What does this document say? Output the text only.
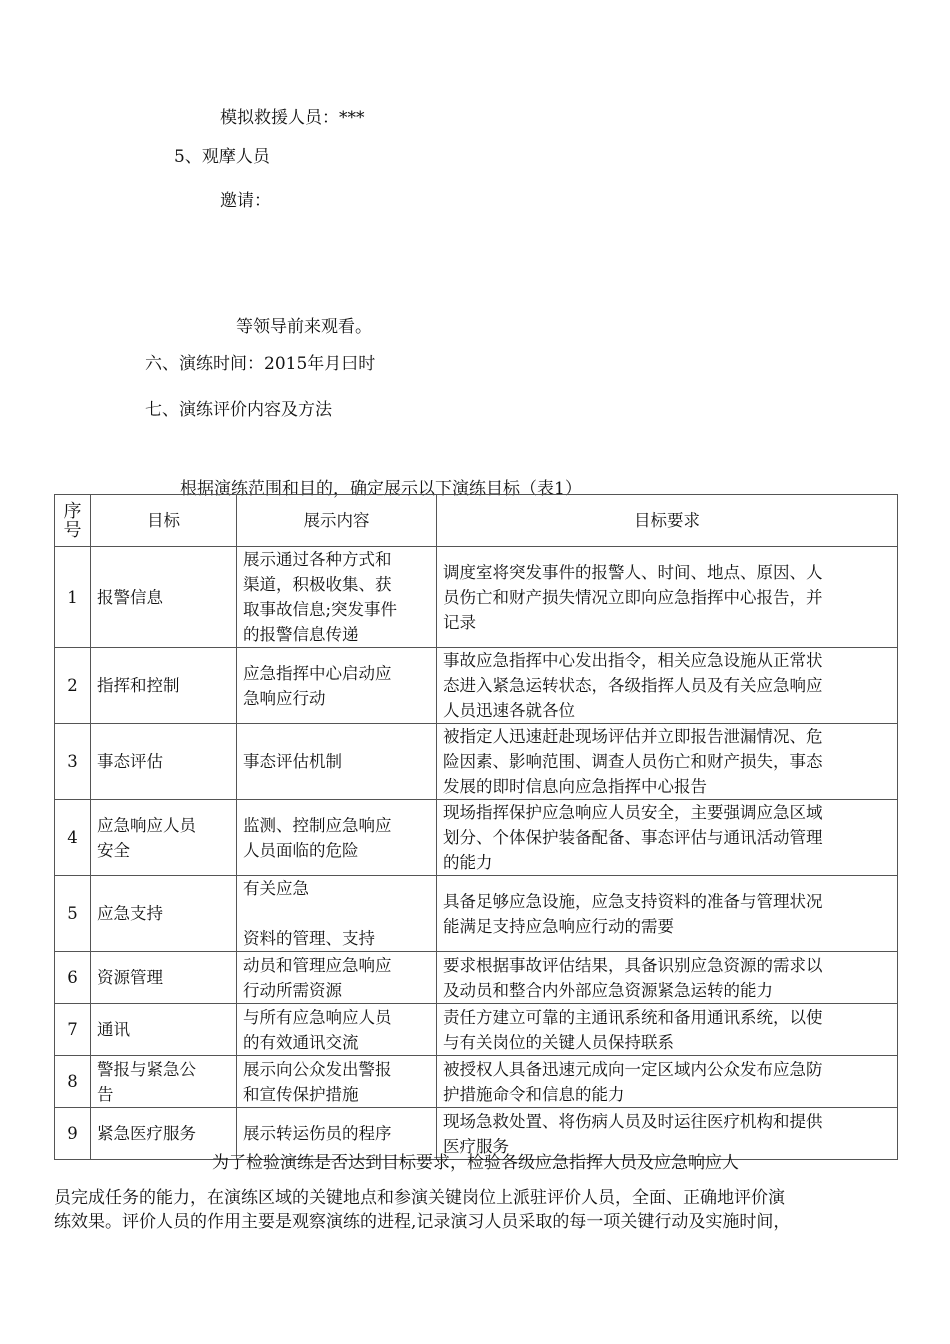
模拟救援人员：***
5、观摩人员
邀请：
等领导前来观看。
六、演练时间：2015年月曰时
七、演练评价内容及方法
根据演练范围和目的，确定展示以下演练目标（表1）
序号	目标	展示内容	目标要求
1	报警信息	展示通过各种方式和
渠道，积极收集、获
取事故信息;突发事件
的报警信息传递	调度室将突发事件的报警人、时间、地点、原因、人
员伤亡和财产损失情况立即向应急指挥中心报告，并
记录

2	指挥和控制	应急指挥中心启动应
急响应行动	事故应急指挥中心发出指令，相关应急设施从正常状
态进入紧急运转状态，各级指挥人员及有关应急响应
人员迅速各就各位

3	事态评估	事态评估机制	被指定人迅速赶赴现场评估并立即报告泄漏情况、危
险因素、影响范围、调查人员伤亡和财产损失，事态
发展的即时信息向应急指挥中心报告

4	应急响应人员
安全	监测、控制应急响应
人员面临的危险	现场指挥保护应急响应人员安全，主要强调应急区域
划分、个体保护装备配备、事态评估与通讯活动管理
的能力

5	应急支持	有关应急

资料的管理、支持	具备足够应急设施，应急支持资料的准备与管理状况
能满足支持应急响应行动的需要

6	资源管理	动员和管理应急响应
行动所需资源	要求根据事故评估结果，具备识别应急资源的需求以
及动员和整合内外部应急资源紧急运转的能力

7	通讯	与所有应急响应人员
的有效通讯交流	责任方建立可靠的主通讯系统和备用通讯系统，以使
与有关岗位的关键人员保持联系

8	警报与紧急公
告	展示向公众发出警报
和宣传保护措施	被授权人具备迅速元成向一定区域内公众发布应急防
护措施命令和信息的能力

9	紧急医疗服务	展示转运伤员的程序	现场急救处置、将伤病人员及时运往医疗机构和提供
医疗服务
为了检验演练是否达到目标要求，检验各级应急指挥人员及应急响应人
员完成任务的能力，在演练区域的关键地点和参演关键岗位上派驻评价人员，全面、正确地评价演
练效果。评价人员的作用主要是观察演练的进程,记录演习人员采取的每一项关键行动及实施时间，
